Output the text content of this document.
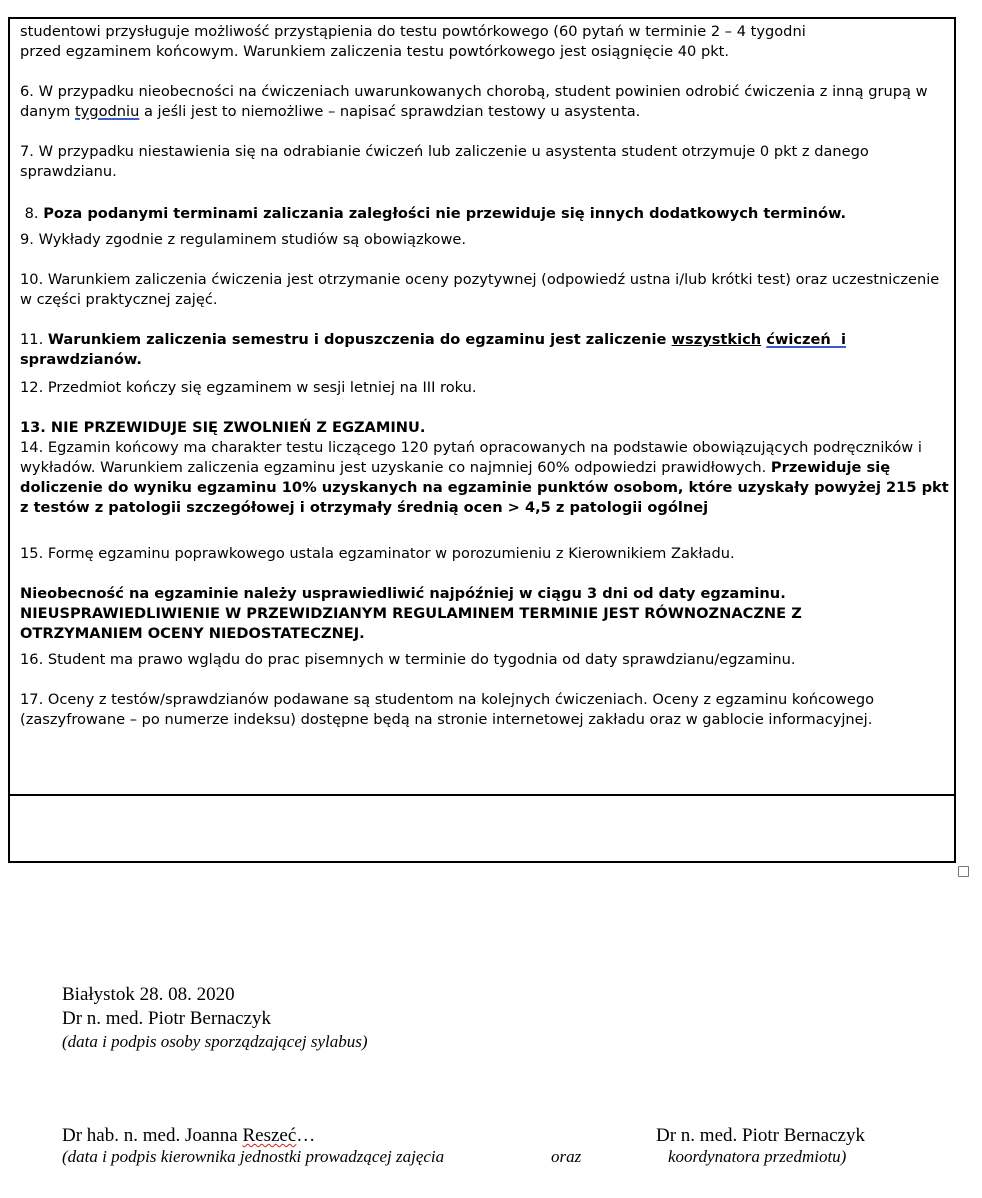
studentowi przysługuje możliwość przystąpienia do testu powtórkowego (60 pytań w terminie 2 – 4 tygodni
przed egzaminem końcowym. Warunkiem zaliczenia testu powtórkowego jest osiągnięcie 40 pkt.

6. W przypadku nieobecności na ćwiczeniach uwarunkowanych chorobą, student powinien odrobić ćwiczenia z inną grupą w danym tygodniu a jeśli jest to niemożliwe – napisać sprawdzian testowy u asystenta.

7. W przypadku niestawienia się na odrabianie ćwiczeń lub zaliczenie u asystenta student otrzymuje 0 pkt z danego sprawdzianu.

8. Poza podanymi terminami zaliczania zaległości nie przewiduje się innych dodatkowych terminów.

9. Wykłady zgodnie z regulaminem studiów są obowiązkowe.

10. Warunkiem zaliczenia ćwiczenia jest otrzymanie oceny pozytywnej (odpowiedź ustna i/lub krótki test) oraz uczestniczenie w części praktycznej zajęć.

11. Warunkiem zaliczenia semestru i dopuszczenia do egzaminu jest zaliczenie wszystkich ćwiczeń  i sprawdzianów.

12. Przedmiot kończy się egzaminem w sesji letniej na III roku.

13. NIE PRZEWIDUJE SIĘ ZWOLNIEŃ Z EGZAMINU.

14. Egzamin końcowy ma charakter testu liczącego 120 pytań opracowanych na podstawie obowiązujących podręczników i wykładów. Warunkiem zaliczenia egzaminu jest uzyskanie co najmniej 60% odpowiedzi prawidłowych. Przewiduje się doliczenie do wyniku egzaminu 10% uzyskanych na egzaminie punktów osobom, które uzyskały powyżej 215 pkt z testów z patologii szczegółowej i otrzymały średnią ocen > 4,5 z patologii ogólnej

15. Formę egzaminu poprawkowego ustala egzaminator w porozumieniu z Kierownikiem Zakładu.

Nieobecność na egzaminie należy usprawiedliwić najpóźniej w ciągu 3 dni od daty egzaminu.
NIEUSPRAWIEDLIWIENIE W PRZEWIDZIANYM REGULAMINEM TERMINIE JEST RÓWNOZNACZNE Z
OTRZYMANIEM OCENY NIEDOSTATECZNEJ.

16. Student ma prawo wglądu do prac pisemnych w terminie do tygodnia od daty sprawdzianu/egzaminu.

17. Oceny z testów/sprawdzianów podawane są studentom na kolejnych ćwiczeniach. Oceny z egzaminu końcowego (zaszyfrowane – po numerze indeksu) dostępne będą na stronie internetowej zakładu oraz w gablocie informacyjnej.

Białystok 28. 08. 2020
Dr n. med. Piotr Bernaczyk
(data i podpis osoby sporządzającej sylabus)
Dr hab. n. med. Joanna Reszeć…	Dr n. med. Piotr Bernaczyk
(data i podpis kierownika jednostki prowadzącej zajęcia	oraz	koordynatora przedmiotu)
